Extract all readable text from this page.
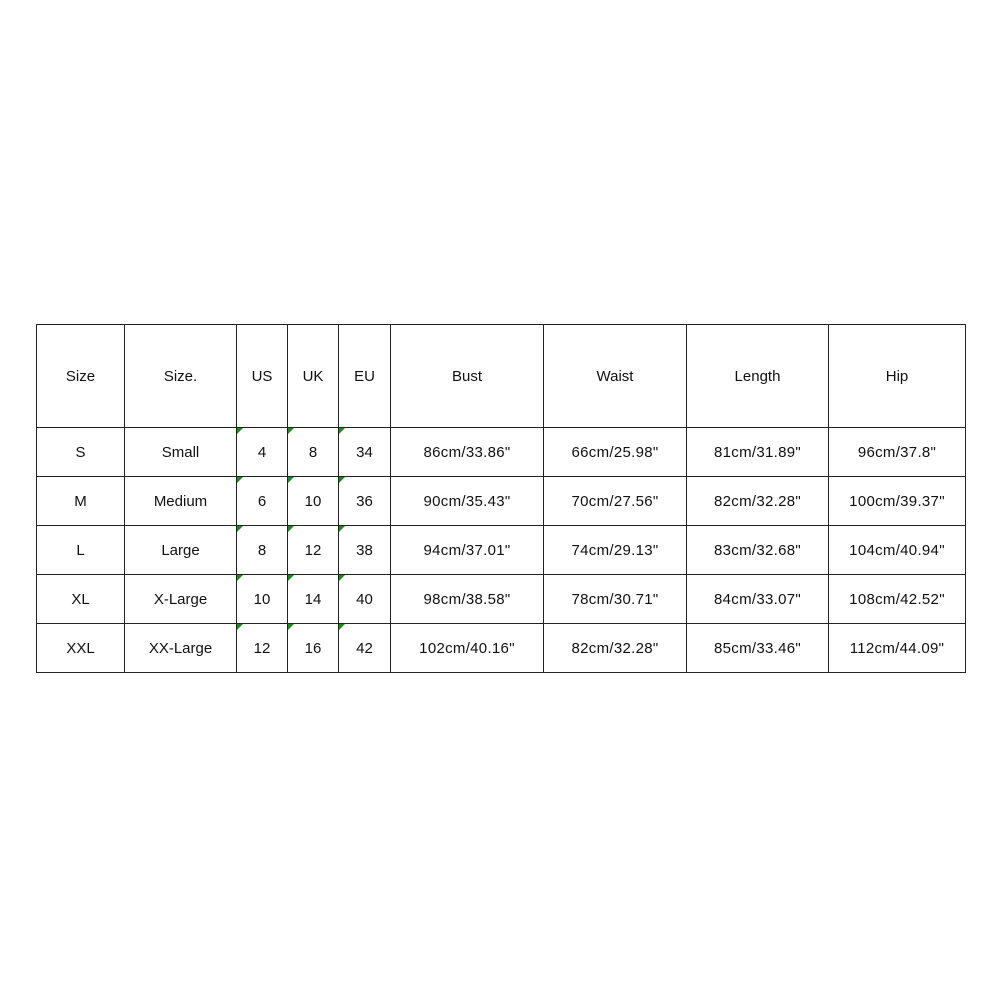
Size	Size.	US	UK	EU	Bust	Waist	Length	Hip
S	Small	4	8	34	86cm/33.86"	66cm/25.98"	81cm/31.89"	96cm/37.8"
M	Medium	6	10	36	90cm/35.43"	70cm/27.56"	82cm/32.28"	100cm/39.37"
L	Large	8	12	38	94cm/37.01"	74cm/29.13"	83cm/32.68"	104cm/40.94"
XL	X-Large	10	14	40	98cm/38.58"	78cm/30.71"	84cm/33.07"	108cm/42.52"
XXL	XX-Large	12	16	42	102cm/40.16"	82cm/32.28"	85cm/33.46"	112cm/44.09"
